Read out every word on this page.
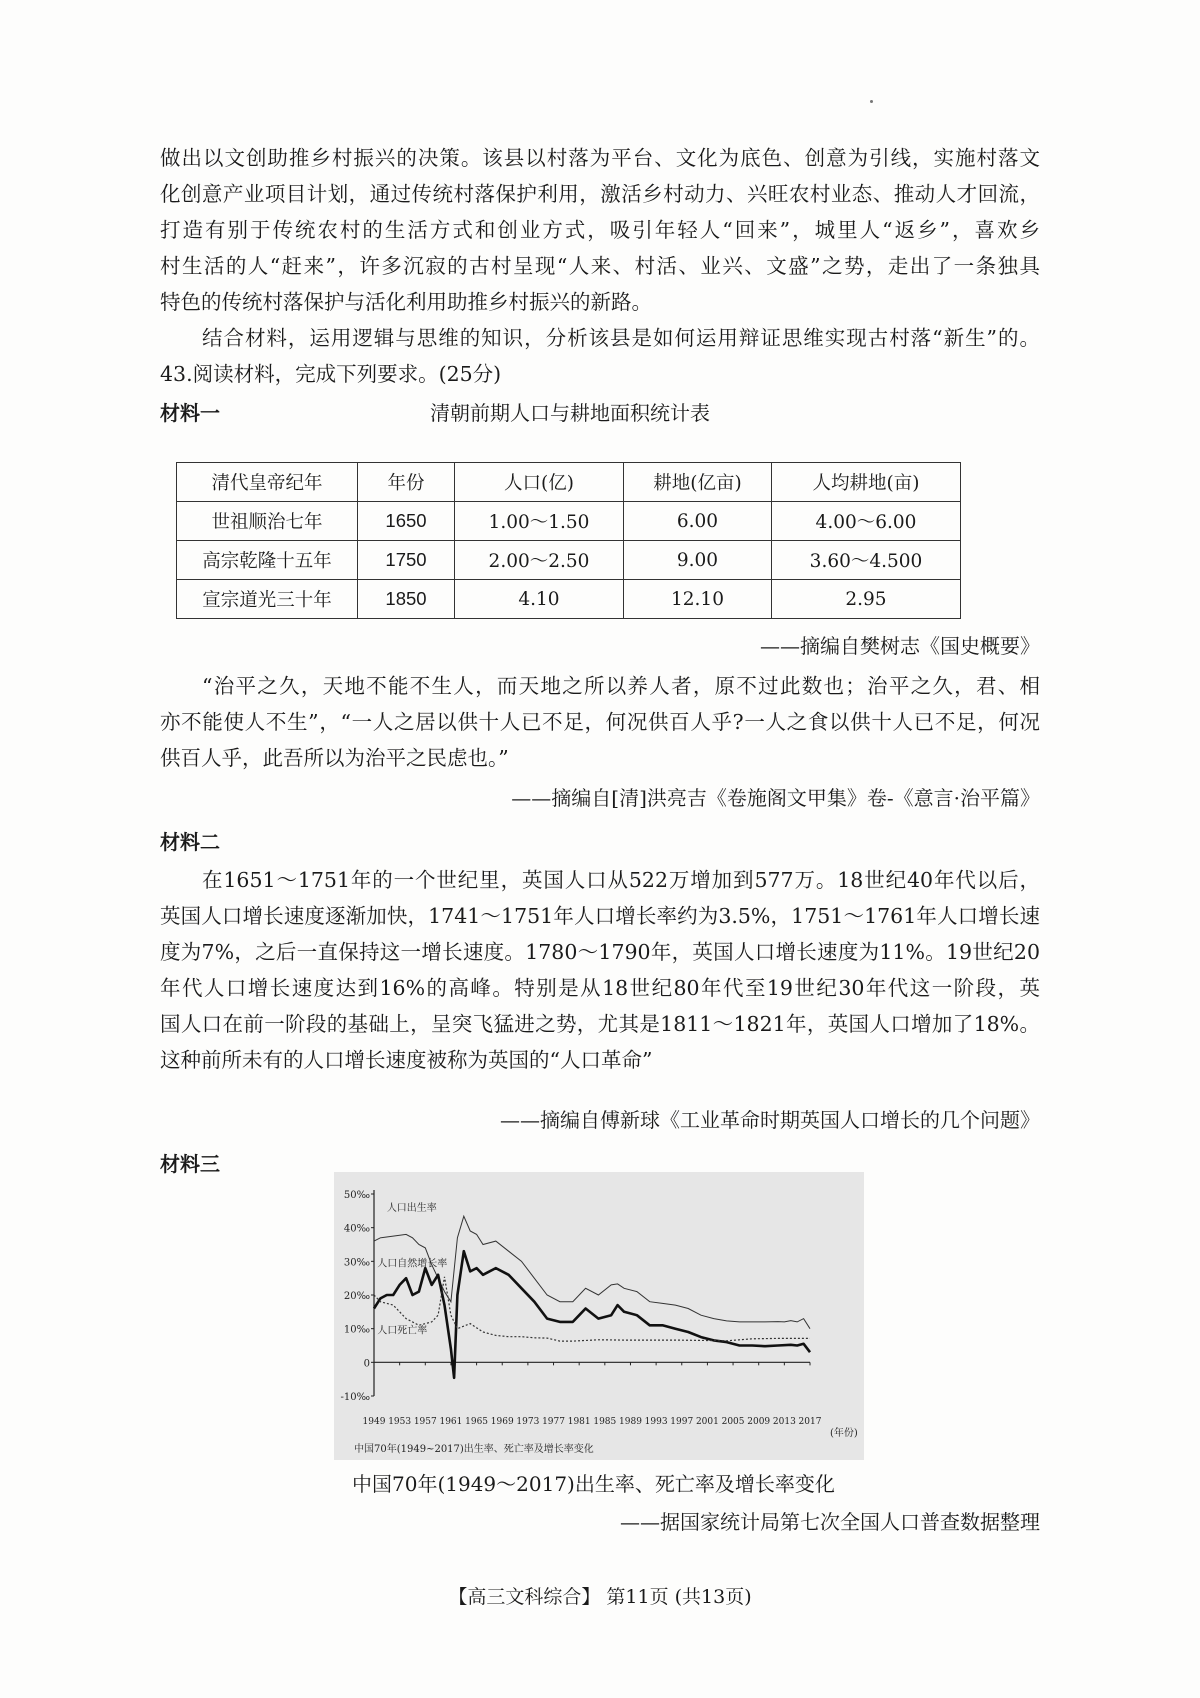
做出以文创助推乡村振兴的决策。该县以村落为平台、文化为底色、创意为引线，实施村落文

化创意产业项目计划，通过传统村落保护利用，激活乡村动力、兴旺农村业态、推动人才回流，

打造有别于传统农村的生活方式和创业方式，吸引年轻人“回来”，城里人“返乡”，喜欢乡

村生活的人“赶来”，许多沉寂的古村呈现“人来、村活、业兴、文盛”之势，走出了一条独具

特色的传统村落保护与活化利用助推乡村振兴的新路。

结合材料，运用逻辑与思维的知识，分析该县是如何运用辩证思维实现古村落“新生”的。

43.阅读材料，完成下列要求。(25分)

材料一	清朝前期人口与耕地面积统计表
清代皇帝纪年	年份	人口(亿)	耕地(亿亩)	人均耕地(亩)
世祖顺治七年	1650	1.00～1.50	6.00	4.00～6.00
高宗乾隆十五年	1750	2.00～2.50	9.00	3.60～4.500
宣宗道光三十年	1850	4.10	12.10	2.95
——摘编自樊树志《国史概要》

“治平之久，天地不能不生人，而天地之所以养人者，原不过此数也；治平之久，君、相

亦不能使人不生”，“一人之居以供十人已不足，何况供百人乎?一人之食以供十人已不足，何况

供百人乎，此吾所以为治平之民虑也。”

——摘编自[清]洪亮吉《卷施阁文甲集》卷-《意言·治平篇》
材料二

在1651～1751年的一个世纪里，英国人口从522万增加到577万。18世纪40年代以后，

英国人口增长速度逐渐加快，1741～1751年人口增长率约为3.5%，1751～1761年人口增长速

度为7%，之后一直保持这一增长速度。1780～1790年，英国人口增长速度为11%。19世纪20

年代人口增长速度达到16%的高峰。特别是从18世纪80年代至19世纪30年代这一阶段，英

国人口在前一阶段的基础上，呈突飞猛进之势，尤其是1811～1821年，英国人口增加了18%。

这种前所未有的人口增长速度被称为英国的“人口革命”

——摘编自傅新球《工业革命时期英国人口增长的几个问题》
材料三
50‰
40‰
30‰
20‰
10‰
0
-10‰
1949 1953 1957 1961 1965 1969 1973 1977 1981 1985 1989 1993 1997 2001 2005 2009 2013 2017
人口出生率
人口自然增长率
人口死亡率
(年份)
中国70年(1949~2017)出生率、死亡率及增长率变化
中国70年(1949～2017)出生率、死亡率及增长率变化
——据国家统计局第七次全国人口普查数据整理
【高三文科综合】 第11页 (共13页)
